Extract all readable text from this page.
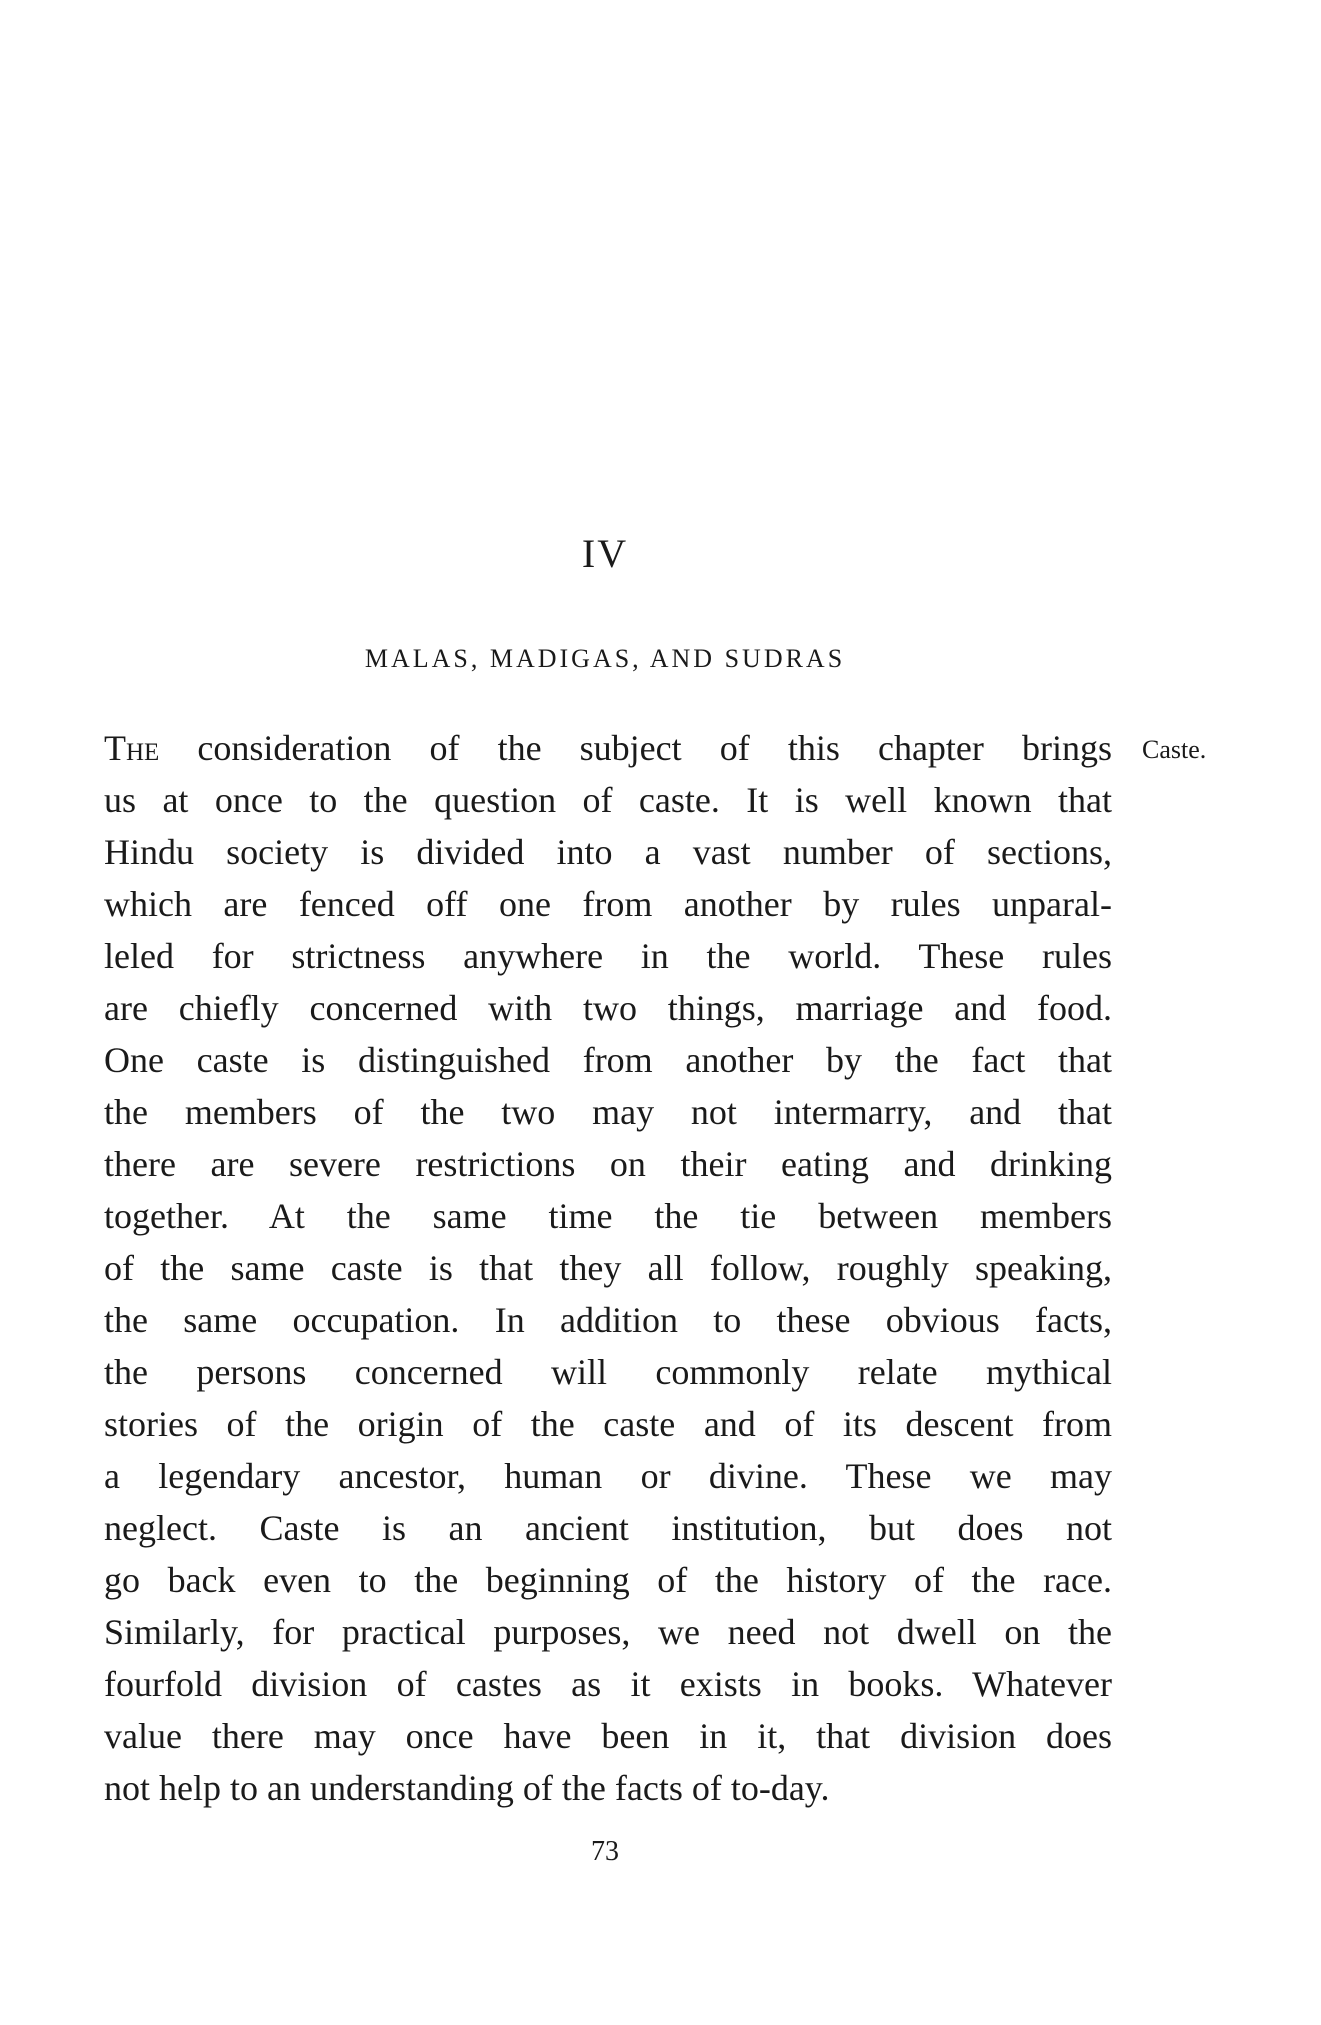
IV
MALAS, MADIGAS, AND SUDRAS
Caste.
The consideration of the subject of this chapter brings
us at once to the question of caste. It is well known that
Hindu society is divided into a vast number of sections,
which are fenced off one from another by rules unparal-
leled for strictness anywhere in the world. These rules
are chiefly concerned with two things, marriage and food.
One caste is distinguished from another by the fact that
the members of the two may not intermarry, and that
there are severe restrictions on their eating and drinking
together. At the same time the tie between members
of the same caste is that they all follow, roughly speaking,
the same occupation. In addition to these obvious facts,
the persons concerned will commonly relate mythical
stories of the origin of the caste and of its descent from
a legendary ancestor, human or divine. These we may
neglect. Caste is an ancient institution, but does not
go back even to the beginning of the history of the race.
Similarly, for practical purposes, we need not dwell on the
fourfold division of castes as it exists in books. Whatever
value there may once have been in it, that division does
not help to an understanding of the facts of to-day.
73
